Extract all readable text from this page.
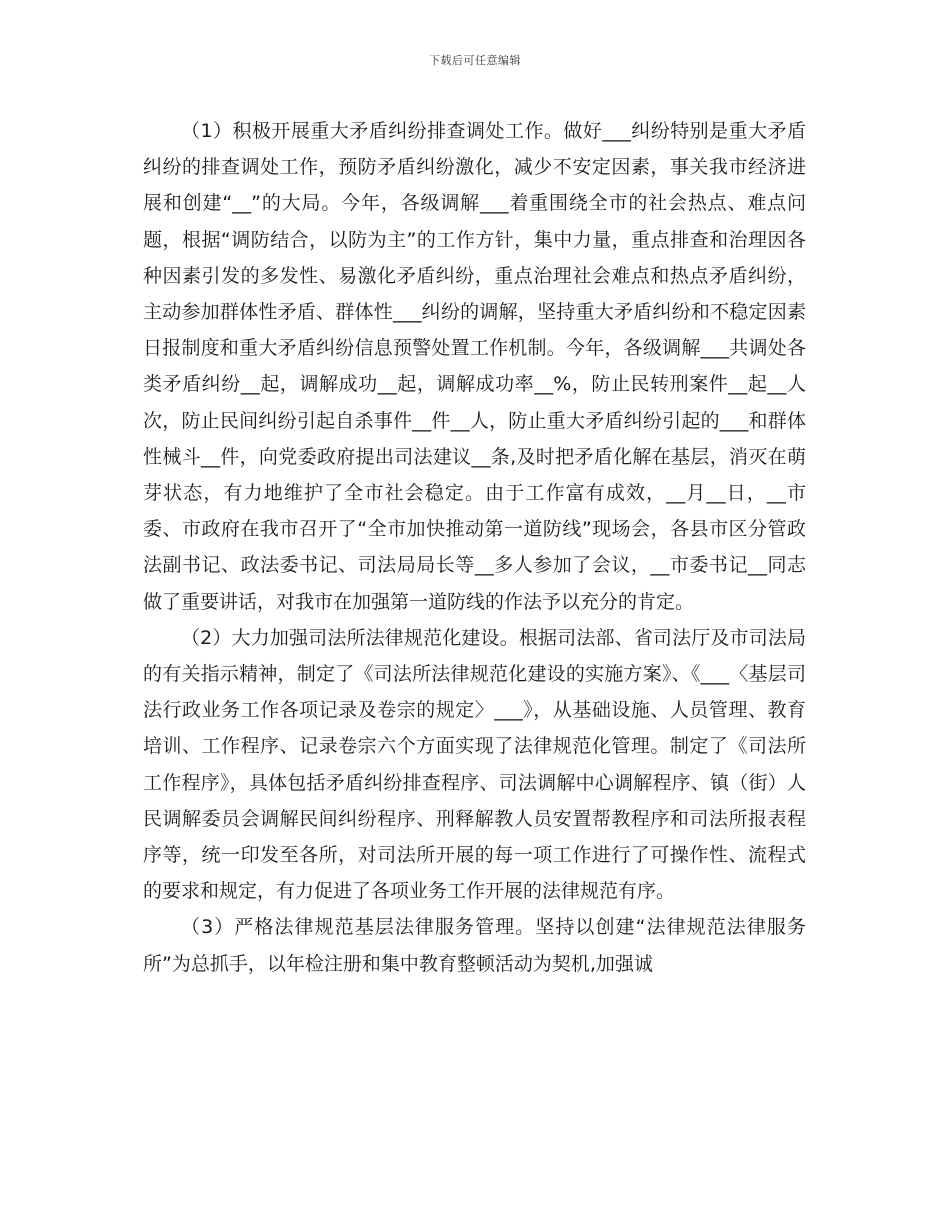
下载后可任意编辑

（1）积极开展重大矛盾纠纷排查调处工作。做好___纠纷特别是重大矛盾纠纷的排查调处工作，预防矛盾纠纷激化，减少不安定因素，事关我市经济进展和创建“__”的大局。今年，各级调解___着重围绕全市的社会热点、难点问题，根据“调防结合，以防为主”的工作方针，集中力量，重点排查和治理因各种因素引发的多发性、易激化矛盾纠纷，重点治理社会难点和热点矛盾纠纷，主动参加群体性矛盾、群体性___纠纷的调解，坚持重大矛盾纠纷和不稳定因素日报制度和重大矛盾纠纷信息预警处置工作机制。今年，各级调解___共调处各类矛盾纠纷__起，调解成功__起，调解成功率__%，防止民转刑案件__起__人次，防止民间纠纷引起自杀事件__件__人，防止重大矛盾纠纷引起的___和群体性械斗__件，向党委政府提出司法建议__条,及时把矛盾化解在基层，消灭在萌芽状态，有力地维护了全市社会稳定。由于工作富有成效，__月__日，__市委、市政府在我市召开了“全市加快推动第一道防线”现场会，各县市区分管政法副书记、政法委书记、司法局局长等__多人参加了会议，__市委书记__同志做了重要讲话，对我市在加强第一道防线的作法予以充分的肯定。

（2）大力加强司法所法律规范化建设。根据司法部、省司法厅及市司法局的有关指示精神，制定了《司法所法律规范化建设的实施方案》、《___〈基层司法行政业务工作各项记录及卷宗的规定〉___》，从基础设施、人员管理、教育培训、工作程序、记录卷宗六个方面实现了法律规范化管理。制定了《司法所工作程序》，具体包括矛盾纠纷排查程序、司法调解中心调解程序、镇（街）人民调解委员会调解民间纠纷程序、刑释解教人员安置帮教程序和司法所报表程序等，统一印发至各所，对司法所开展的每一项工作进行了可操作性、流程式的要求和规定，有力促进了各项业务工作开展的法律规范有序。

（3）严格法律规范基层法律服务管理。坚持以创建“法律规范法律服务所”为总抓手，以年检注册和集中教育整顿活动为契机,加强诚
